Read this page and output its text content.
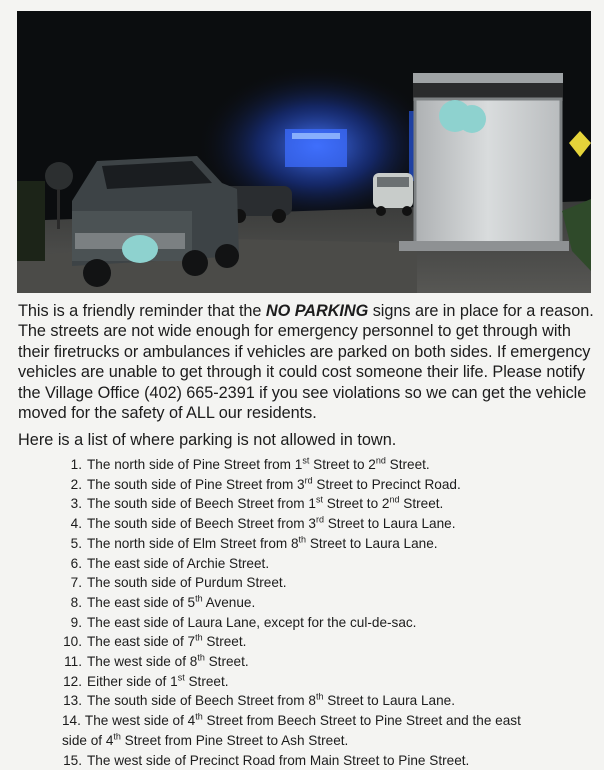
This is a friendly reminder that the NO PARKING signs are in place for a reason. The streets are not wide enough for emergency personnel to get through with their firetrucks or ambulances if vehicles are parked on both sides. If emergency vehicles are unable to get through it could cost someone their life. Please notify the Village Office (402) 665-2391 if you see violations so we can get the vehicle moved for the safety of ALL our residents.
Here is a list of where parking is not allowed in town.
1. The north side of Pine Street from 1st Street to 2nd Street.
2. The south side of Pine Street from 3rd Street to Precinct Road.
3. The south side of Beech Street from 1st Street to 2nd Street.
4. The south side of Beech Street from 3rd Street to Laura Lane.
5. The north side of Elm Street from 8th Street to Laura Lane.
6. The east side of Archie Street.
7. The south side of Purdum Street.
8. The east side of 5th Avenue.
9. The east side of Laura Lane, except for the cul-de-sac.
10. The east side of 7th Street.
11. The west side of 8th Street.
12. Either side of 1st Street.
13. The south side of Beech Street from 8th Street to Laura Lane.
14. The west side of 4th Street from Beech Street to Pine Street and the east side of 4th Street from Pine Street to Ash Street.
15. The west side of Precinct Road from Main Street to Pine Street.
